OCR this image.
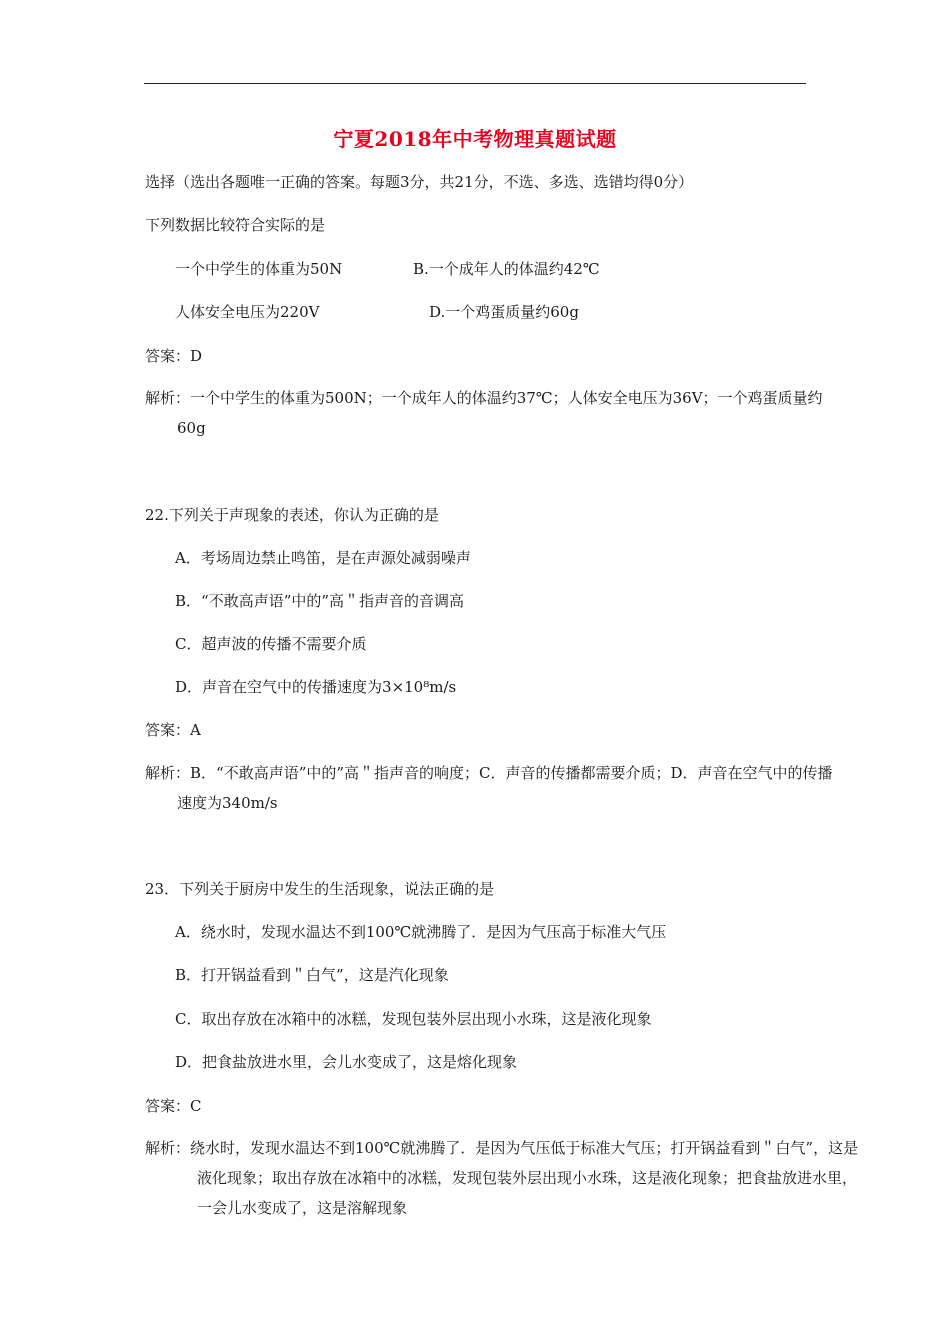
宁夏2018年中考物理真题试题
选择（选出各题唯一正确的答案。每题3分，共21分，不选、多选、选错均得0分）
下列数据比较符合实际的是
一个中学生的体重为50N	B.一个成年人的体温约42℃
人体安全电压为220V	D.一个鸡蛋质量约60g
答案：D
解析：一个中学生的体重为500N；一个成年人的体温约37℃；人体安全电压为36V；一个鸡蛋质量约60g
22.下列关于声现象的表述，你认为正确的是
A．考场周边禁止鸣笛，是在声源处减弱噪声
B．“不敢高声语”中的”高＂指声音的音调高
C．超声波的传播不需要介质
D．声音在空气中的传播速度为3×10⁸m/s
答案：A
解析：B．“不敢高声语”中的”高＂指声音的响度；C．声音的传播都需要介质；D．声音在空气中的传播速度为340m/s
23．下列关于厨房中发生的生活现象，说法正确的是
A．绕水时，发现水温达不到100℃就沸腾了．是因为气压高于标准大气压
B．打开锅益看到＂白气”，这是汽化现象
C．取出存放在冰箱中的冰糕，发现包装外层出现小水珠，这是液化现象
D．把食盐放进水里，会儿水变成了，这是熔化现象
答案：C
解析：绕水时，发现水温达不到100℃就沸腾了．是因为气压低于标准大气压；打开锅益看到＂白气”，这是液化现象；取出存放在冰箱中的冰糕，发现包装外层出现小水珠，这是液化现象；把食盐放进水里，一会儿水变成了，这是溶解现象
